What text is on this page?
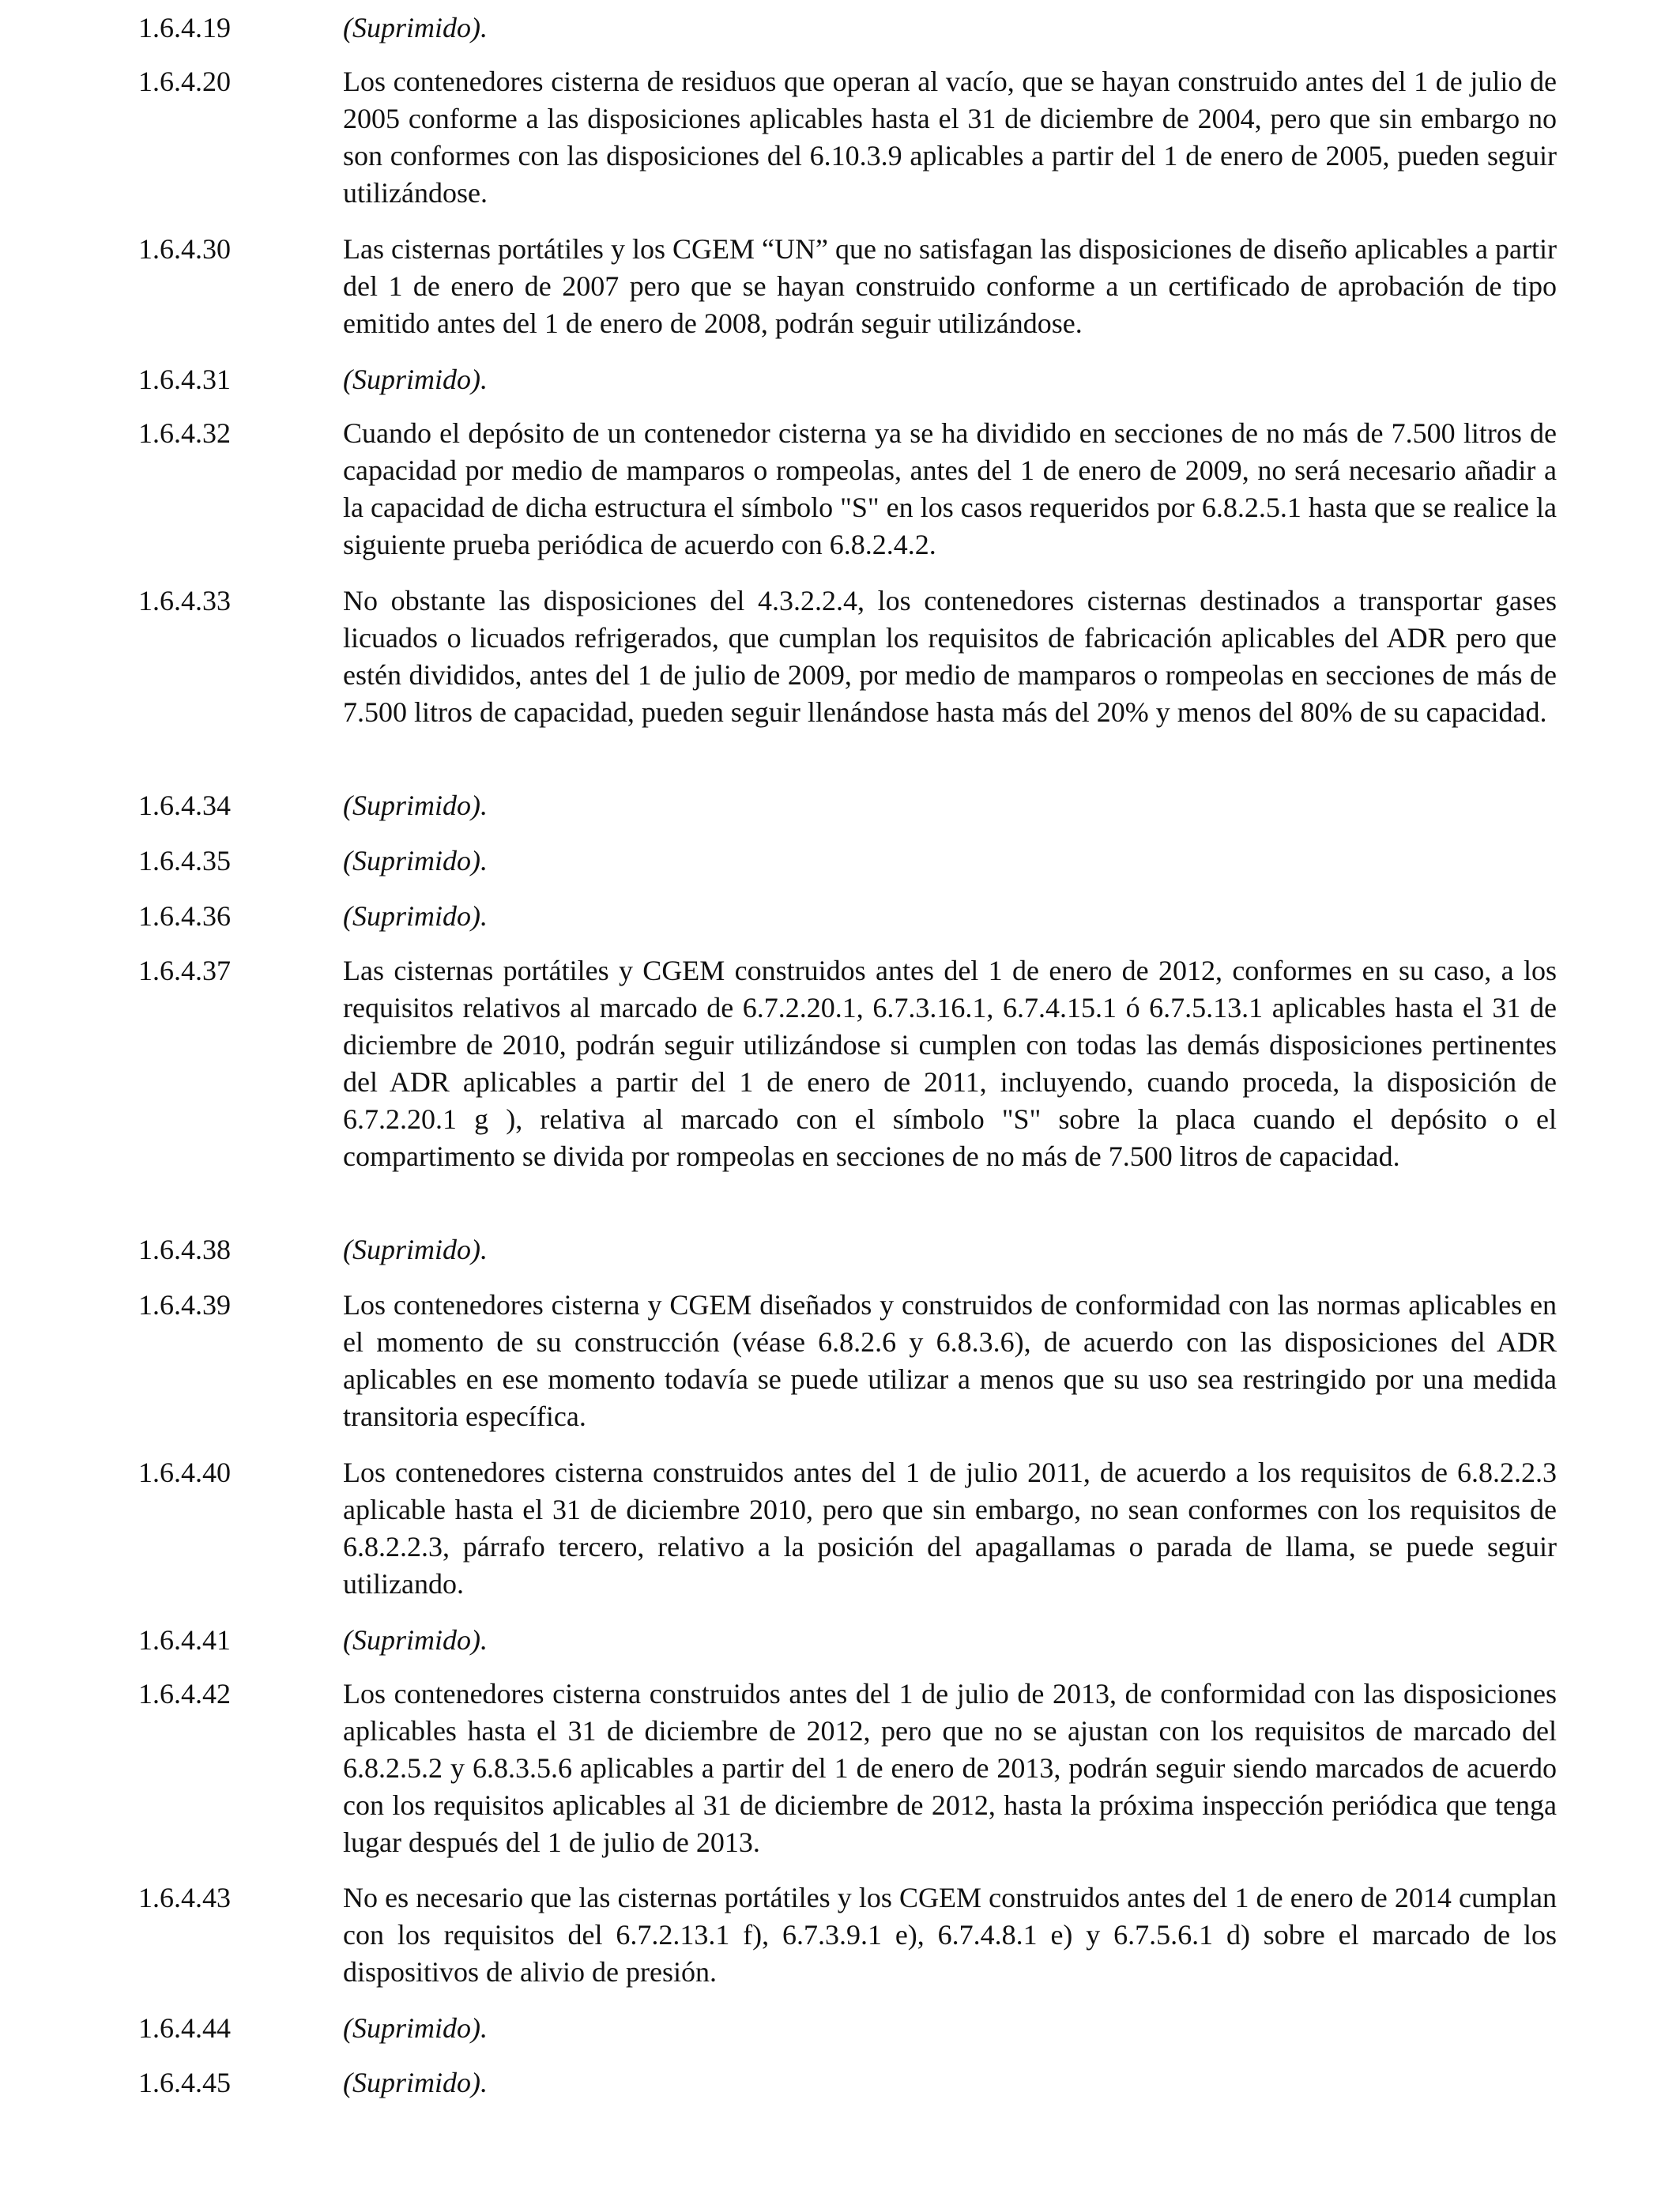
1.6.4.19	(Suprimido).
1.6.4.20	Los contenedores cisterna de residuos que operan al vacío, que se hayan construido antes del 1 de julio de 2005 conforme a las disposiciones aplicables hasta el 31 de diciembre de 2004, pero que sin embargo no son conformes con las disposiciones del 6.10.3.9 aplicables a partir del 1 de enero de 2005, pueden seguir utilizándose.
1.6.4.30	Las cisternas portátiles y los CGEM “UN” que no satisfagan las disposiciones de diseño aplicables a partir del 1 de enero de 2007 pero que se hayan construido conforme a un certificado de aprobación de tipo emitido antes del 1 de enero de 2008, podrán seguir utilizándose.
1.6.4.31	(Suprimido).
1.6.4.32	Cuando el depósito de un contenedor cisterna ya se ha dividido en secciones de no más de 7.500 litros de capacidad por medio de mamparos o rompeolas, antes del 1 de enero de 2009, no será necesario añadir a la capacidad de dicha estructura el símbolo "S" en los casos requeridos por 6.8.2.5.1 hasta que se realice la siguiente prueba periódica de acuerdo con 6.8.2.4.2.
1.6.4.33	No obstante las disposiciones del 4.3.2.2.4, los contenedores cisternas destinados a transportar gases licuados o licuados refrigerados, que cumplan los requisitos de fabricación aplicables del ADR pero que estén divididos, antes del 1 de julio de 2009, por medio de mamparos o rompeolas en secciones de más de 7.500 litros de capacidad, pueden seguir llenándose hasta más del 20% y menos del 80% de su capacidad.
1.6.4.34	(Suprimido).
1.6.4.35	(Suprimido).
1.6.4.36	(Suprimido).
1.6.4.37	Las cisternas portátiles y CGEM construidos antes del 1 de enero de 2012, conformes en su caso, a los requisitos relativos al marcado de 6.7.2.20.1, 6.7.3.16.1, 6.7.4.15.1 ó 6.7.5.13.1 aplicables hasta el 31 de diciembre de 2010, podrán seguir utilizándose si cumplen con todas las demás disposiciones pertinentes del ADR aplicables a partir del 1 de enero de 2011, incluyendo, cuando proceda, la disposición de 6.7.2.20.1 g ), relativa al marcado con el símbolo "S" sobre la placa cuando el depósito o el compartimento se divida por rompeolas en secciones de no más de 7.500 litros de capacidad.
1.6.4.38	(Suprimido).
1.6.4.39	Los contenedores cisterna y CGEM diseñados y construidos de conformidad con las normas aplicables en el momento de su construcción (véase 6.8.2.6 y 6.8.3.6), de acuerdo con las disposiciones del ADR aplicables en ese momento todavía se puede utilizar a menos que su uso sea restringido por una medida transitoria específica.
1.6.4.40	Los contenedores cisterna construidos antes del 1 de julio 2011, de acuerdo a los requisitos de 6.8.2.2.3 aplicable hasta el 31 de diciembre 2010, pero que sin embargo, no sean conformes con los requisitos de 6.8.2.2.3, párrafo tercero, relativo a la posición del apagallamas o parada de llama, se puede seguir utilizando.
1.6.4.41	(Suprimido).
1.6.4.42	Los contenedores cisterna construidos antes del 1 de julio de 2013, de conformidad con las disposiciones aplicables hasta el 31 de diciembre de 2012, pero que no se ajustan con los requisitos de marcado del 6.8.2.5.2 y 6.8.3.5.6 aplicables a partir del 1 de enero de 2013, podrán seguir siendo marcados de acuerdo con los requisitos aplicables al 31 de diciembre de 2012, hasta la próxima inspección periódica que tenga lugar después del 1 de julio de 2013.
1.6.4.43	No es necesario que las cisternas portátiles y los CGEM construidos antes del 1 de enero de 2014 cumplan con los requisitos del 6.7.2.13.1 f), 6.7.3.9.1 e), 6.7.4.8.1 e) y 6.7.5.6.1 d) sobre el marcado de los dispositivos de alivio de presión.
1.6.4.44	(Suprimido).
1.6.4.45	(Suprimido).
